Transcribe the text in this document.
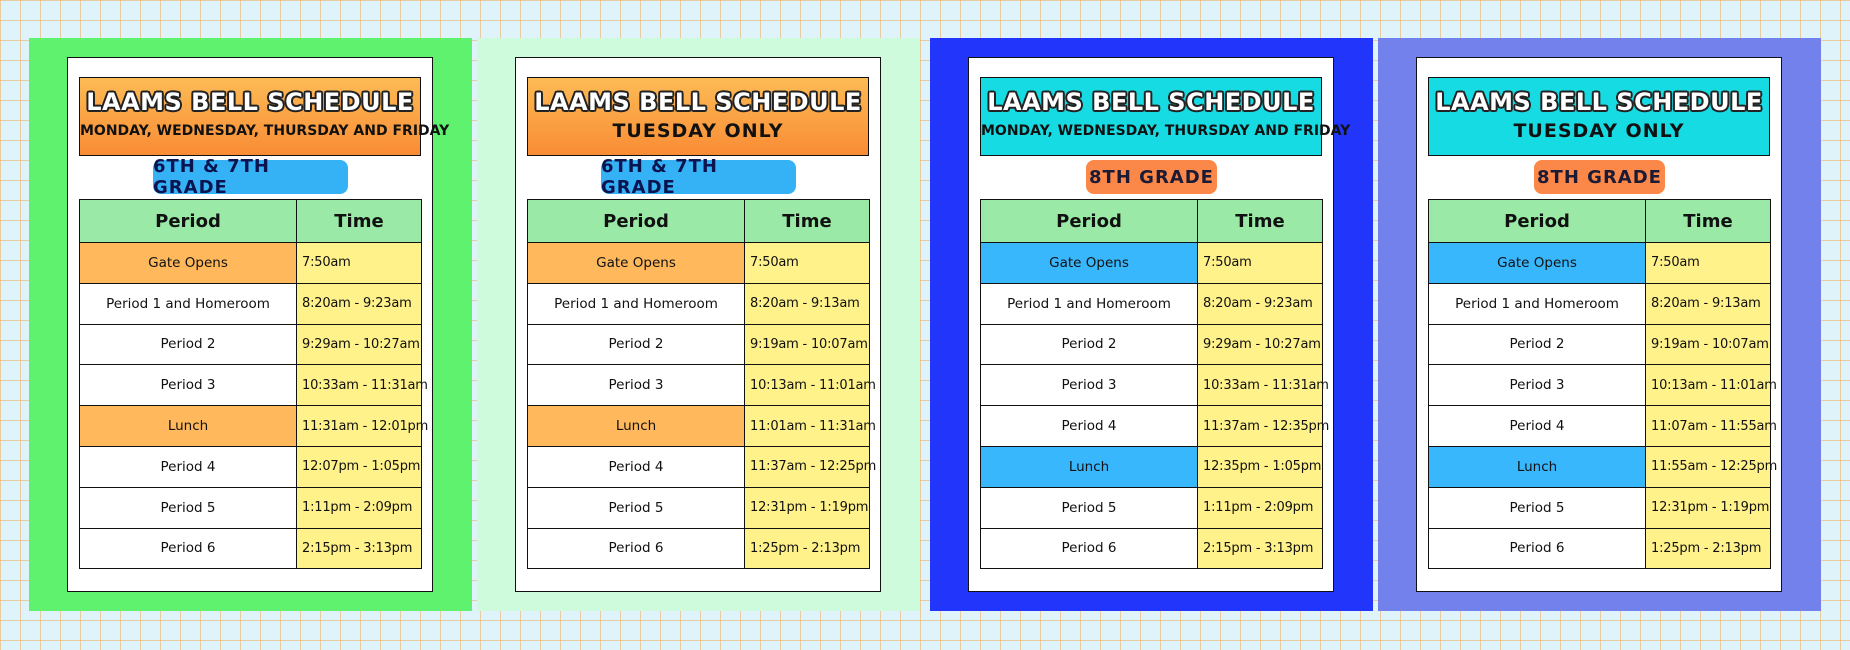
LAAMS BELL SCHEDULE
MONDAY, WEDNESDAY, THURSDAY AND FRIDAY
6TH & 7TH GRADE
Period	Time
Gate Opens	7:50am
Period 1 and Homeroom	8:20am - 9:23am
Period 2	9:29am - 10:27am
Period 3	10:33am - 11:31am
Lunch	11:31am - 12:01pm
Period 4	12:07pm - 1:05pm
Period 5	1:11pm - 2:09pm
Period 6	2:15pm - 3:13pm
LAAMS BELL SCHEDULE
TUESDAY ONLY
6TH & 7TH GRADE
Period	Time
Gate Opens	7:50am
Period 1 and Homeroom	8:20am - 9:13am
Period 2	9:19am - 10:07am
Period 3	10:13am - 11:01am
Lunch	11:01am - 11:31am
Period 4	11:37am - 12:25pm
Period 5	12:31pm - 1:19pm
Period 6	1:25pm - 2:13pm
LAAMS BELL SCHEDULE
MONDAY, WEDNESDAY, THURSDAY AND FRIDAY
8TH GRADE
Period	Time
Gate Opens	7:50am
Period 1 and Homeroom	8:20am - 9:23am
Period 2	9:29am - 10:27am
Period 3	10:33am - 11:31am
Period 4	11:37am - 12:35pm
Lunch	12:35pm - 1:05pm
Period 5	1:11pm - 2:09pm
Period 6	2:15pm - 3:13pm
LAAMS BELL SCHEDULE
TUESDAY ONLY
8TH GRADE
Period	Time
Gate Opens	7:50am
Period 1 and Homeroom	8:20am - 9:13am
Period 2	9:19am - 10:07am
Period 3	10:13am - 11:01am
Period 4	11:07am - 11:55am
Lunch	11:55am - 12:25pm
Period 5	12:31pm - 1:19pm
Period 6	1:25pm - 2:13pm
